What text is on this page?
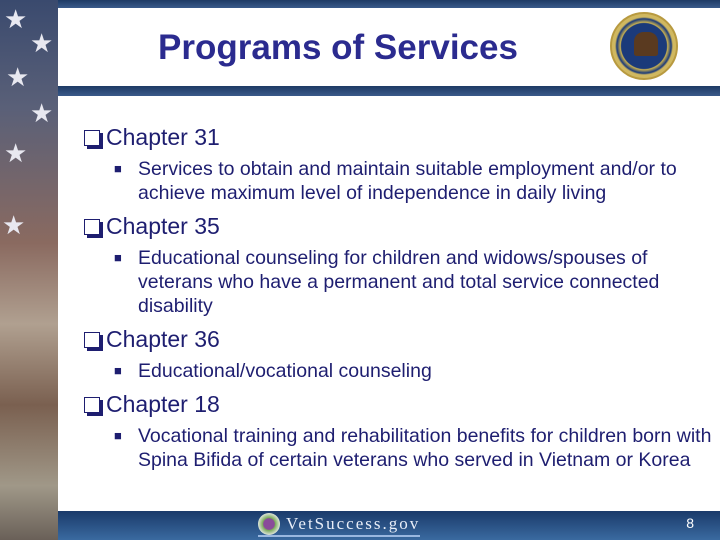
★
★
★
★
★
★
Programs of Services
Chapter 31
■ Services to obtain and maintain suitable employment and/or to achieve maximum level of independence in daily living
Chapter 35
■ Educational counseling for children and widows/spouses of veterans who have a permanent and total service connected disability
Chapter 36
■ Educational/vocational counseling
Chapter 18
■ Vocational training and rehabilitation benefits for children born with Spina Bifida of certain veterans who served in Vietnam or Korea
VetSuccess.gov	8
